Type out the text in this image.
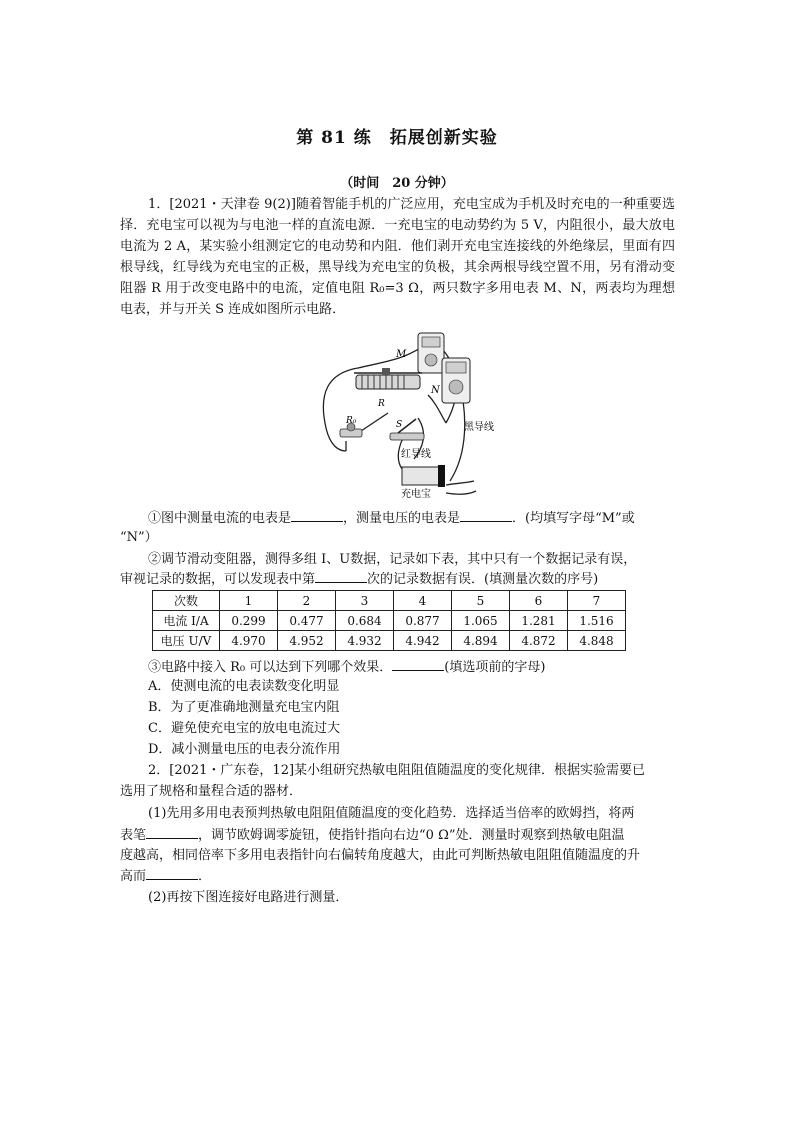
第 81 练　拓展创新实验
（时间　20 分钟）
1．[2021・天津卷 9(2)]随着智能手机的广泛应用，充电宝成为手机及时充电的一种重要选择．充电宝可以视为与电池一样的直流电源．一充电宝的电动势约为 5 V，内阻很小，最大放电电流为 2 A，某实验小组测定它的电动势和内阻．他们剥开充电宝连接线的外绝缘层，里面有四根导线，红导线为充电宝的正极，黑导线为充电宝的负极，其余两根导线空置不用，另有滑动变阻器 R 用于改变电路中的电流，定值电阻 R₀=3 Ω，两只数字多用电表 M、N，两表均为理想电表，并与开关 S 连成如图所示电路．
M
N
R
R₀	S	黑导线
红导线
充电宝
①图中测量电流的电表是	，测量电压的电表是	．(均填写字母“M”或
“N”）
②调节滑动变阻器，测得多组 I、U数据，记录如下表，其中只有一个数据记录有误，
审视记录的数据，可以发现表中第	次的记录数据有误．(填测量次数的序号)
次数	1	2	3	4	5	6	7
电流 I/A	0.299	0.477	0.684	0.877	1.065	1.281	1.516
电压 U/V	4.970	4.952	4.932	4.942	4.894	4.872	4.848
③电路中接入 R₀ 可以达到下列哪个效果．	(填选项前的字母)
A．使测电流的电表读数变化明显
B．为了更准确地测量充电宝内阻
C．避免使充电宝的放电电流过大
D．减小测量电压的电表分流作用
2．[2021・广东卷，12]某小组研究热敏电阻阻值随温度的变化规律．根据实验需要已
选用了规格和量程合适的器材．
(1)先用多用电表预判热敏电阻阻值随温度的变化趋势．选择适当倍率的欧姆挡，将两
表笔	，调节欧姆调零旋钮，使指针指向右边“0 Ω”处．测量时观察到热敏电阻温
度越高，相同倍率下多用电表指针向右偏转角度越大，由此可判断热敏电阻阻值随温度的升
高而	．
(2)再按下图连接好电路进行测量．
